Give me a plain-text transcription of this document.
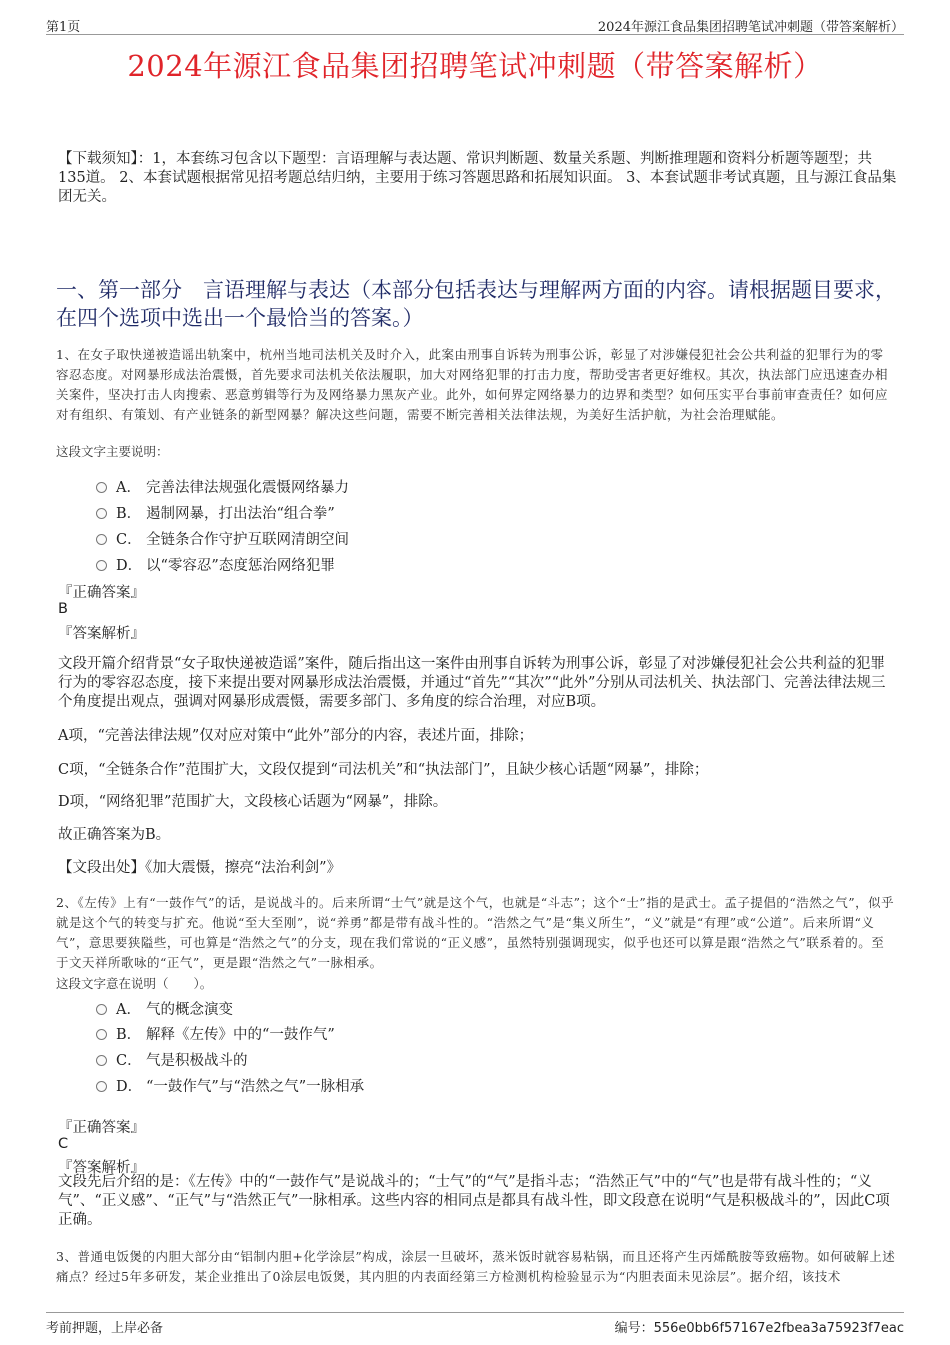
第1页	2024年源江食品集团招聘笔试冲刺题（带答案解析）
2024年源江食品集团招聘笔试冲刺题（带答案解析）
【下载须知】：1，本套练习包含以下题型：言语理解与表达题、常识判断题、数量关系题、判断推理题和资料分析题等题型；共135道。 2、本套试题根据常见招考题总结归纳，主要用于练习答题思路和拓展知识面。 3、本套试题非考试真题，且与源江食品集团无关。
一、第一部分　言语理解与表达（本部分包括表达与理解两方面的内容。请根据题目要求，在四个选项中选出一个最恰当的答案。）
1、在女子取快递被造谣出轨案中，杭州当地司法机关及时介入，此案由刑事自诉转为刑事公诉，彰显了对涉嫌侵犯社会公共利益的犯罪行为的零容忍态度。对网暴形成法治震慑，首先要求司法机关依法履职，加大对网络犯罪的打击力度，帮助受害者更好维权。其次，执法部门应迅速查办相关案件，坚决打击人肉搜索、恶意剪辑等行为及网络暴力黑灰产业。此外，如何界定网络暴力的边界和类型？如何压实平台事前审查责任？如何应对有组织、有策划、有产业链条的新型网暴？解决这些问题，需要不断完善相关法律法规，为美好生活护航，为社会治理赋能。
这段文字主要说明：
A． 完善法律法规强化震慑网络暴力
B． 遏制网暴，打出法治“组合拳”
C． 全链条合作守护互联网清朗空间
D． 以“零容忍”态度惩治网络犯罪
『正确答案』
B
『答案解析』
文段开篇介绍背景“女子取快递被造谣”案件，随后指出这一案件由刑事自诉转为刑事公诉，彰显了对涉嫌侵犯社会公共利益的犯罪行为的零容忍态度，接下来提出要对网暴形成法治震慑，并通过“首先”“其次”“此外”分别从司法机关、执法部门、完善法律法规三个角度提出观点，强调对网暴形成震慑，需要多部门、多角度的综合治理，对应B项。
A项，“完善法律法规”仅对应对策中“此外”部分的内容，表述片面，排除；
C项，“全链条合作”范围扩大，文段仅提到“司法机关”和“执法部门”，且缺少核心话题“网暴”，排除；
D项，“网络犯罪”范围扩大，文段核心话题为“网暴”，排除。
故正确答案为B。
【文段出处】《加大震慑，擦亮“法治利剑”》
2、《左传》上有“一鼓作气”的话，是说战斗的。后来所谓“士气”就是这个气，也就是“斗志”；这个“士”指的是武士。孟子提倡的“浩然之气”，似乎就是这个气的转变与扩充。他说“至大至刚”，说“养勇”都是带有战斗性的。“浩然之气”是“集义所生”，“义”就是“有理”或“公道”。后来所谓“义气”，意思要狭隘些，可也算是“浩然之气”的分支，现在我们常说的“正义感”，虽然特别强调现实，似乎也还可以算是跟“浩然之气”联系着的。至于文天祥所歌咏的“正气”，更是跟“浩然之气”一脉相承。
这段文字意在说明（　　）。
A． 气的概念演变
B． 解释《左传》中的“一鼓作气”
C． 气是积极战斗的
D． “一鼓作气”与“浩然之气”一脉相承
『正确答案』
C
『答案解析』
文段先后介绍的是：《左传》中的“一鼓作气”是说战斗的；“士气”的“气”是指斗志；“浩然正气”中的“气”也是带有战斗性的；“义气”、“正义感”、“正气”与“浩然正气”一脉相承。这些内容的相同点是都具有战斗性，即文段意在说明“气是积极战斗的”，因此C项正确。
3、普通电饭煲的内胆大部分由“铝制内胆+化学涂层”构成，涂层一旦破坏，蒸米饭时就容易粘锅，而且还将产生丙烯酰胺等致癌物。如何破解上述痛点？经过5年多研发，某企业推出了0涂层电饭煲，其内胆的内表面经第三方检测机构检验显示为“内胆表面未见涂层”。据介绍，该技术
考前押题，上岸必备	编号：556e0bb6f57167e2fbea3a75923f7eac
